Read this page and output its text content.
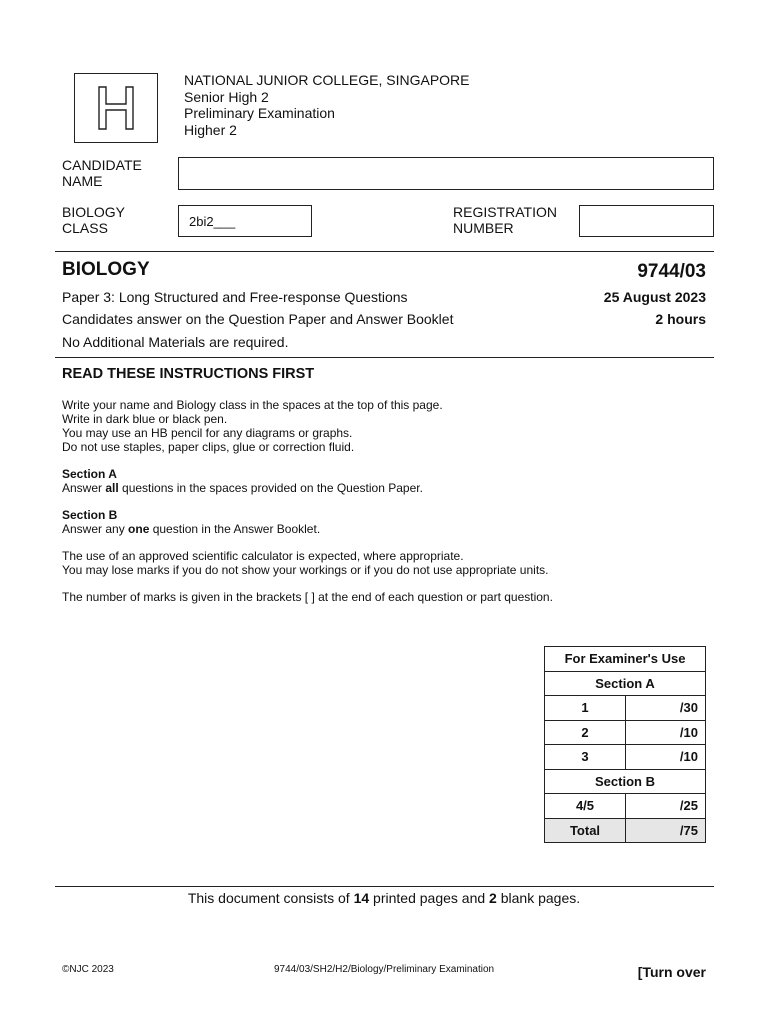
NATIONAL JUNIOR COLLEGE, SINGAPORE
Senior High 2
Preliminary Examination
Higher 2
CANDIDATE
NAME
BIOLOGY
CLASS	2bi2___
REGISTRATION
NUMBER
BIOLOGY	9744/03
Paper 3: Long Structured and Free-response Questions	25 August 2023
Candidates answer on the Question Paper and Answer Booklet	2 hours
No Additional Materials are required.
READ THESE INSTRUCTIONS FIRST

Write your name and Biology class in the spaces at the top of this page.

Write in dark blue or black pen.

You may use an HB pencil for any diagrams or graphs.

Do not use staples, paper clips, glue or correction fluid.

Section A

Answer all questions in the spaces provided on the Question Paper.

Section B

Answer any one question in the Answer Booklet.

The use of an approved scientific calculator is expected, where appropriate.

You may lose marks if you do not show your workings or if you do not use appropriate units.

The number of marks is given in the brackets [ ] at the end of each question or part question.

For Examiner's Use	
Section A	
1	/30
2	/10
3	/10
Section B	
4/5	/25
Total	/75
This document consists of 14 printed pages and 2 blank pages.
©NJC 2023	9744/03/SH2/H2/Biology/Preliminary Examination	[Turn over
